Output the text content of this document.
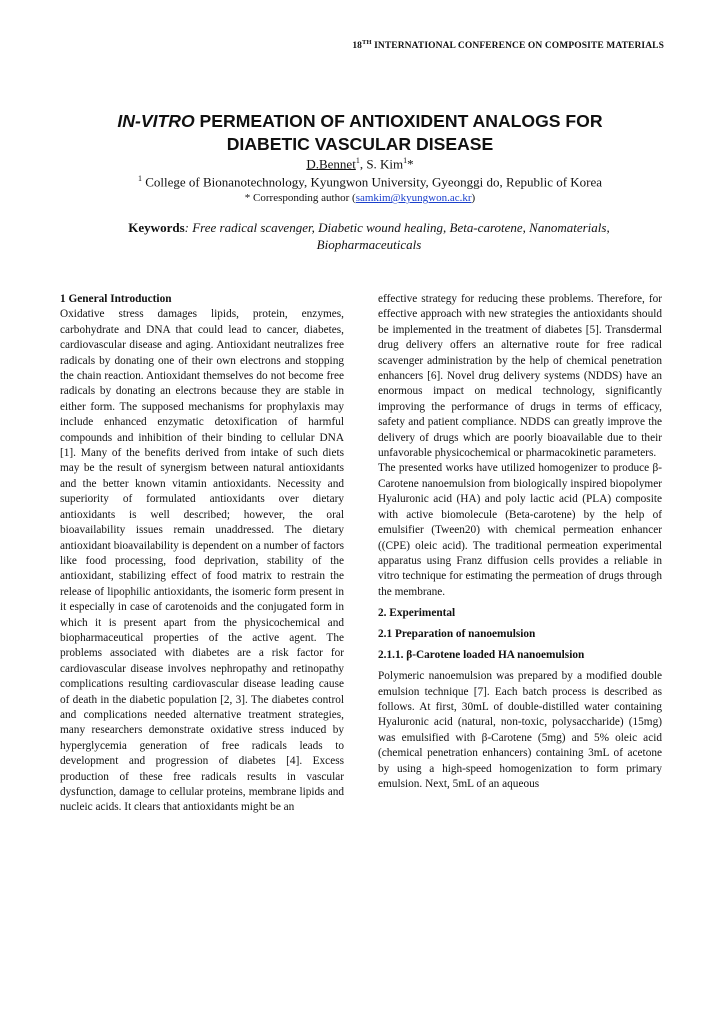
18TH INTERNATIONAL CONFERENCE ON COMPOSITE MATERIALS
IN-VITRO PERMEATION OF ANTIOXIDENT ANALOGS FOR
DIABETIC VASCULAR DISEASE
D.Bennet$^1$, S. Kim$^1$*
$^1$ College of Bionanotechnology, Kyungwon University, Gyeonggi do, Republic of Korea
* Corresponding author (samkim@kyungwon.ac.kr)
Keywords: Free radical scavenger, Diabetic wound healing, Beta-carotene, Nanomaterials, Biopharmaceuticals
1 General Introduction

Oxidative stress damages lipids, protein, enzymes, carbohydrate and DNA that could lead to cancer, diabetes, cardiovascular disease and aging. Antioxidant neutralizes free radicals by donating one of their own electrons and stopping the chain reaction. Antioxidant themselves do not become free radicals by donating an electrons because they are stable in either form. The supposed mechanisms for prophylaxis may include enhanced enzymatic detoxification of harmful compounds and inhibition of their binding to cellular DNA [1]. Many of the benefits derived from intake of such diets may be the result of synergism between natural antioxidants and the better known vitamin antioxidants. Necessity and superiority of formulated antioxidants over dietary antioxidants is well described; however, the oral bioavailability issues remain unaddressed. The dietary antioxidant bioavailability is dependent on a number of factors like food processing, food deprivation, stability of the antioxidant, stabilizing effect of food matrix to restrain the release of lipophilic antioxidants, the isomeric form present in it especially in case of carotenoids and the conjugated form in which it is present apart from the physicochemical and biopharmaceutical properties of the active agent. The problems associated with diabetes are a risk factor for cardiovascular disease involves nephropathy and retinopathy complications resulting cardiovascular disease leading cause of death in the diabetic population [2, 3]. The diabetes control and complications needed alternative treatment strategies, many researchers demonstrate oxidative stress induced by hyperglycemia generation of free radicals leads to development and progression of diabetes [4]. Excess production of these free radicals results in vascular dysfunction, damage to cellular proteins, membrane lipids and nucleic acids. It clears that antioxidants might be an

effective strategy for reducing these problems. Therefore, for effective approach with new strategies the antioxidants should be implemented in the treatment of diabetes [5]. Transdermal drug delivery offers an alternative route for free radical scavenger administration by the help of chemical penetration enhancers [6]. Novel drug delivery systems (NDDS) have an enormous impact on medical technology, significantly improving the performance of drugs in terms of efficacy, safety and patient compliance. NDDS can greatly improve the delivery of drugs which are poorly bioavailable due to their unfavorable physicochemical or pharmacokinetic parameters.

The presented works have utilized homogenizer to produce β-Carotene nanoemulsion from biologically inspired biopolymer Hyaluronic acid (HA) and poly lactic acid (PLA) composite with active biomolecule (Beta-carotene) by the help of emulsifier (Tween20) with chemical permeation enhancer ((CPE) oleic acid). The traditional permeation experimental apparatus using Franz diffusion cells provides a reliable in vitro technique for estimating the permeation of drugs through the membrane.

2. Experimental
2.1 Preparation of nanoemulsion
2.1.1. β-Carotene loaded HA nanoemulsion

Polymeric nanoemulsion was prepared by a modified double emulsion technique [7]. Each batch process is described as follows. At first, 30mL of double-distilled water containing Hyaluronic acid (natural, non-toxic, polysaccharide) (15mg) was emulsified with β-Carotene (5mg) and 5% oleic acid (chemical penetration enhancers) containing 3mL of acetone by using a high-speed homogenization to form primary emulsion. Next, 5mL of an aqueous
